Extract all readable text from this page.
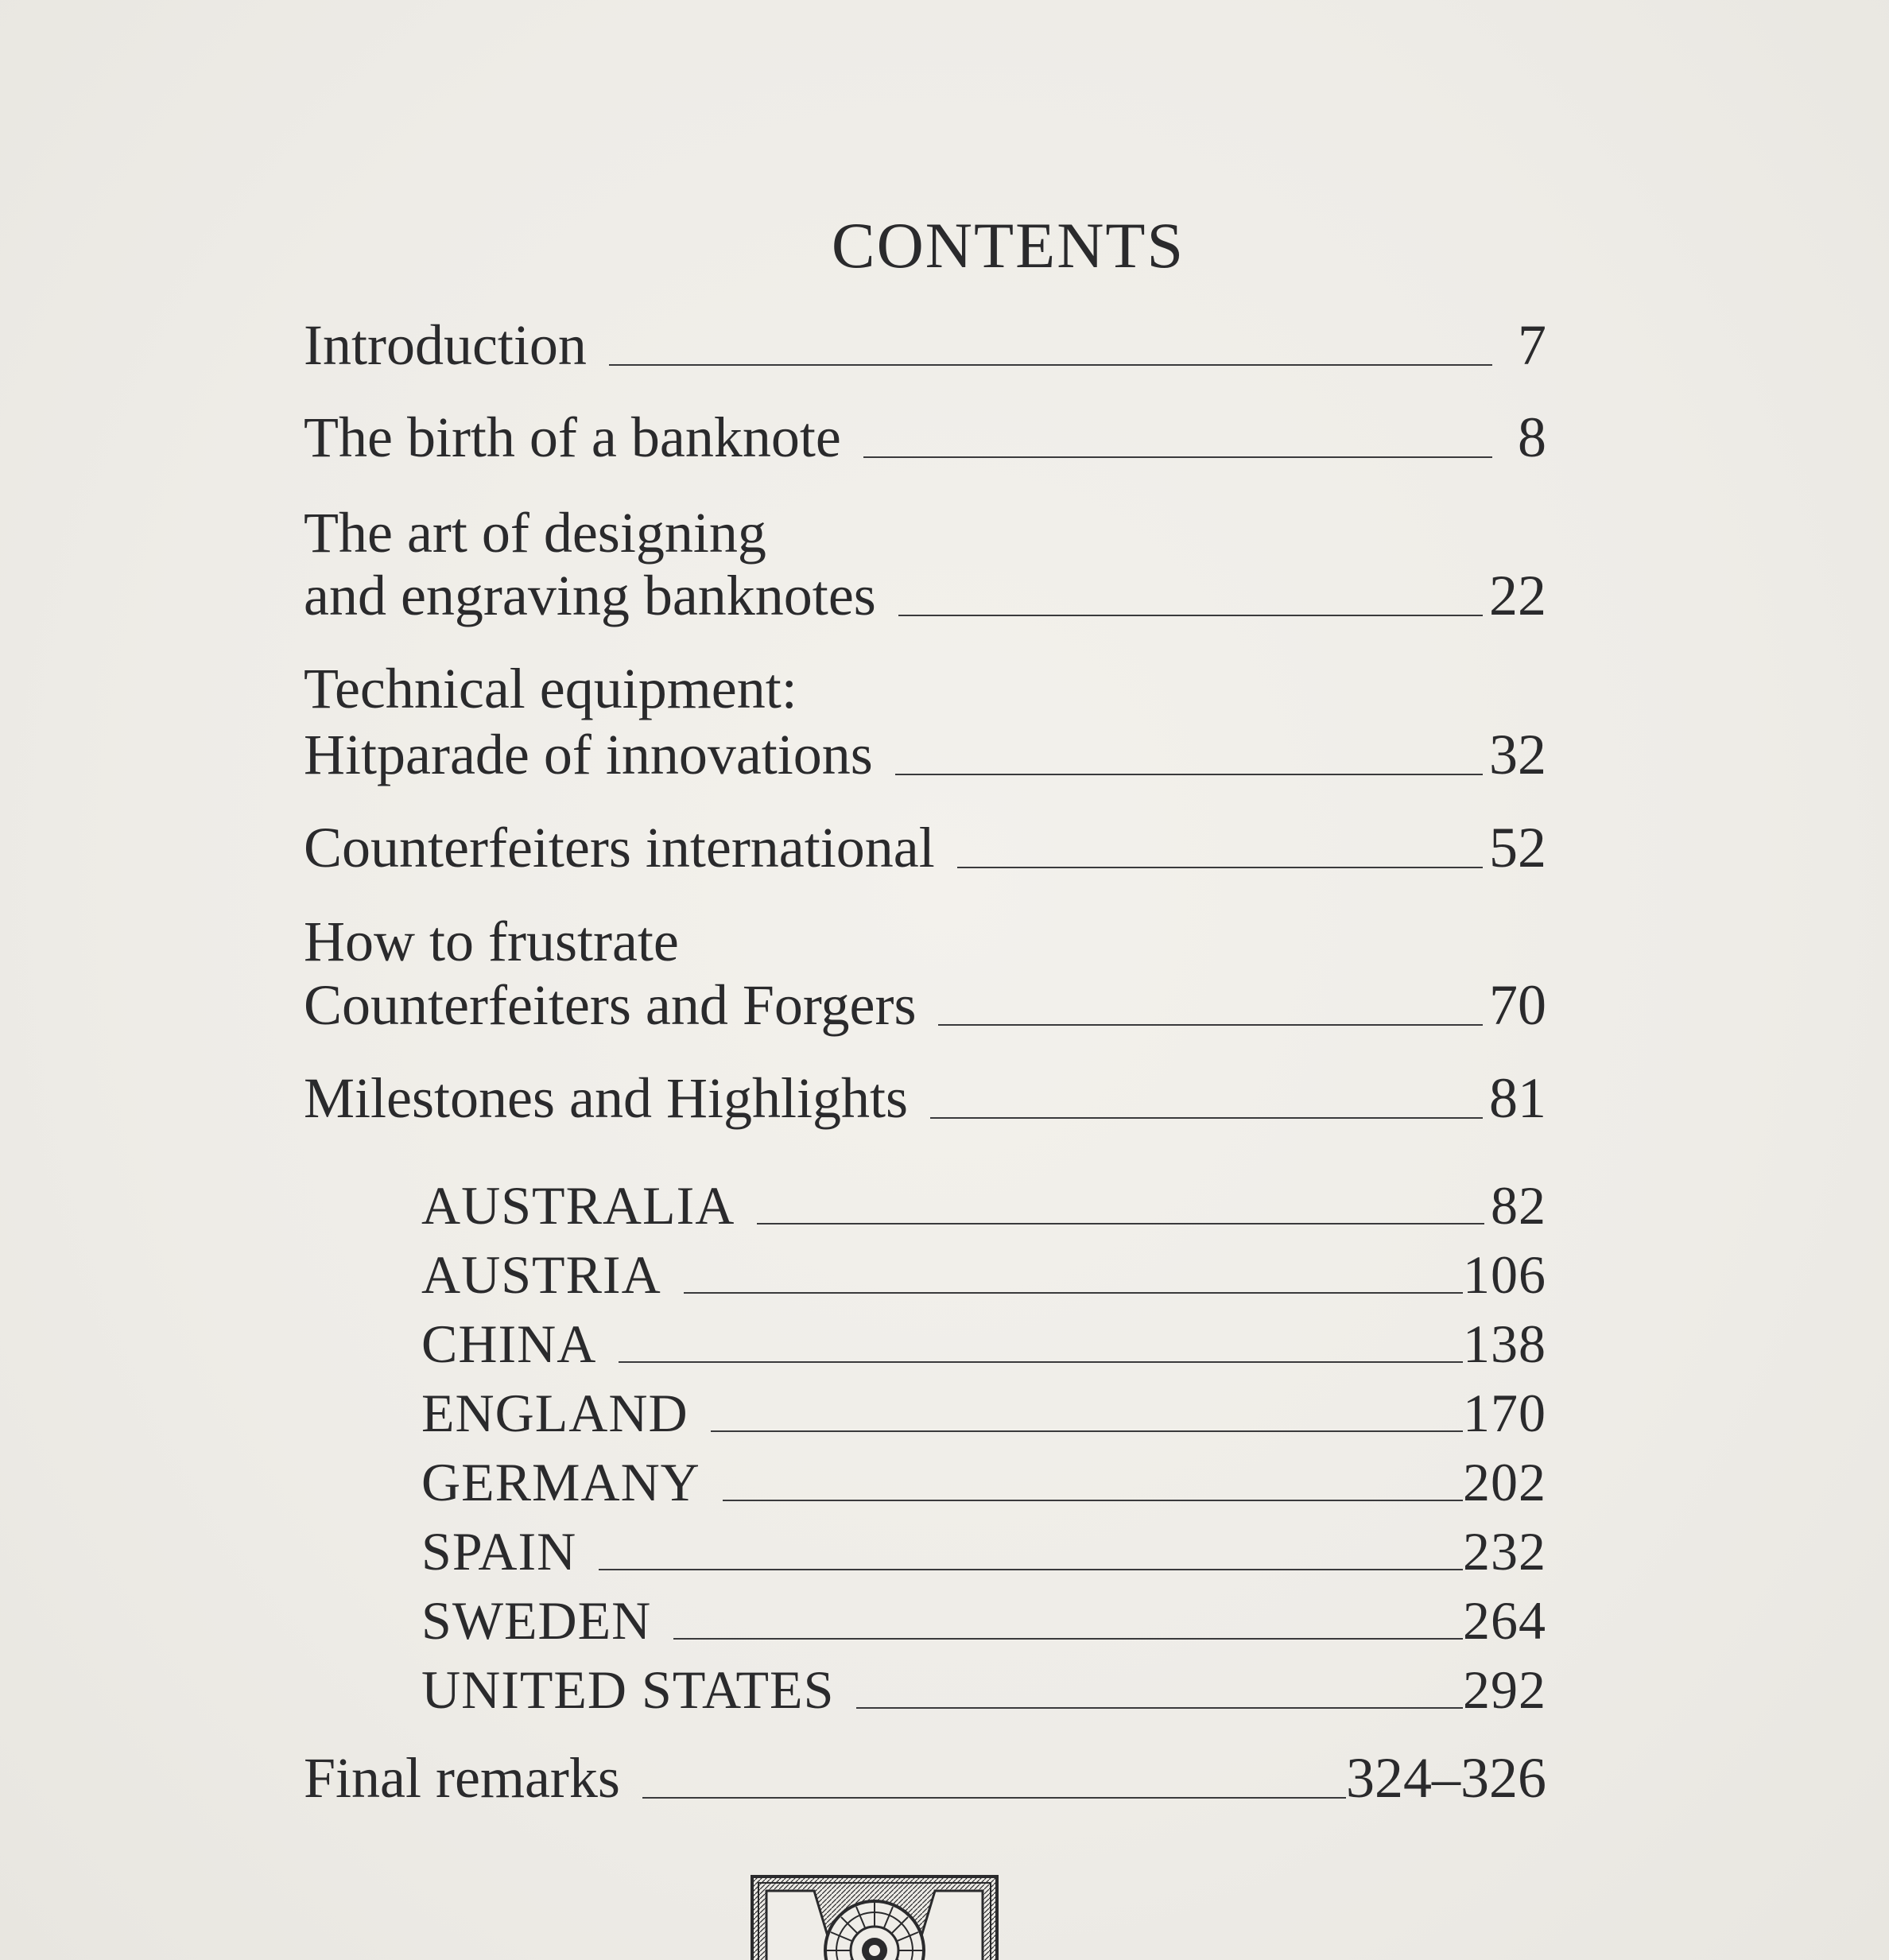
CONTENTS
Introduction	7
The birth of a banknote	8
The art of designing
and engraving banknotes	22
Technical equipment:
Hitparade of innovations	32
Counterfeiters international	52
How to frustrate
Counterfeiters and Forgers	70
Milestones and Highlights	81
AUSTRALIA	82
AUSTRIA	106
CHINA	138
ENGLAND	170
GERMANY	202
SPAIN	232
SWEDEN	264
UNITED STATES	292
Final remarks	324–326
